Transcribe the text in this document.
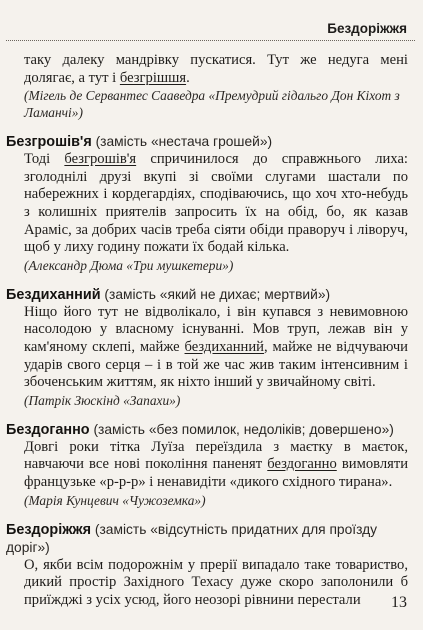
Бездоріжжя

таку далеку мандрівку пускатися. Тут же недуга мені долягає, а тут і безгрішшя.

(Мігель де Сервантес Сааведра «Премудрий гідальго Дон Кіхот з Ламанчі»)

Безгрошів'я (замість «нестача грошей»)

Тоді безгрошів'я спричинилося до справжнього лиха: зголоднілі друзі вкупі зі своїми слугами шастали по набережних і кордегардіях, сподіваючись, що хоч хто-небудь з колишніх приятелів запросить їх на обід, бо, як казав Араміс, за добрих часів треба сіяти обіди праворуч і ліворуч, щоб у лиху годину пожати їх бодай кілька.

(Александр Дюма «Три мушкетери»)

Бездиханний (замість «який не дихає; мертвий»)

Ніщо його тут не відволікало, і він купався з невимовною насолодою у власному існуванні. Мов труп, лежав він у кам'яному склепі, майже бездиханний, майже не відчуваючи ударів свого серця – і в той же час жив таким інтенсивним і збоченським життям, як ніхто інший у звичайному світі.

(Патрік Зюскінд «Запахи»)

Бездоганно (замість «без помилок, недоліків; довершено»)

Довгі роки тітка Луїза переїздила з маєтку в маєток, навчаючи все нові покоління паненят бездоганно вимовляти французьке «р-р-р» і ненавидіти «дикого східного тирана».

(Марія Кунцевич «Чужоземка»)

Бездоріжжя (замість «відсутність придатних для проїзду доріг»)

О, якби всім подорожнім у прерії випадало таке товариство, дикий простір Західного Техасу дуже скоро заполонили б приїжджі з усіх усюд, його неозорі рівнини перестали	13
